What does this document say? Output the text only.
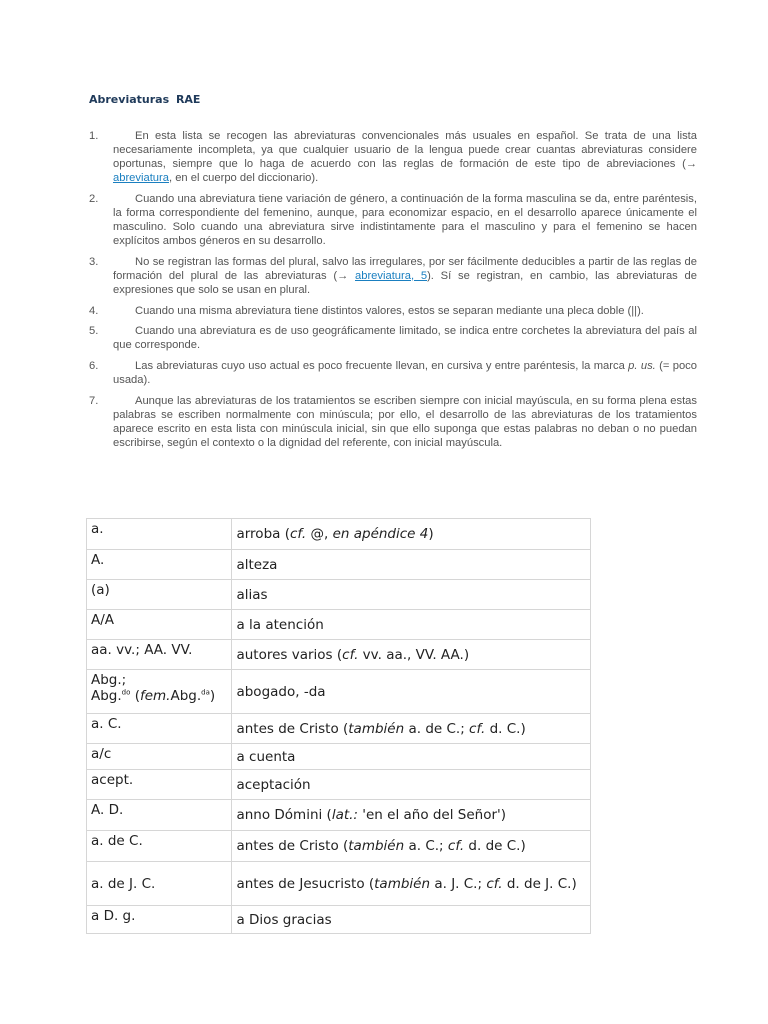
Abreviaturas RAE
1.	En esta lista se recogen las abreviaturas convencionales más usuales en español. Se trata de una lista necesariamente incompleta, ya que cualquier usuario de la lengua puede crear cuantas abreviaturas considere oportunas, siempre que lo haga de acuerdo con las reglas de formación de este tipo de abreviaciones (→ abreviatura, en el cuerpo del diccionario).
2.	Cuando una abreviatura tiene variación de género, a continuación de la forma masculina se da, entre paréntesis, la forma correspondiente del femenino, aunque, para economizar espacio, en el desarrollo aparece únicamente el masculino. Solo cuando una abreviatura sirve indistintamente para el masculino y para el femenino se hacen explícitos ambos géneros en su desarrollo.
3.	No se registran las formas del plural, salvo las irregulares, por ser fácilmente deducibles a partir de las reglas de formación del plural de las abreviaturas (→ abreviatura, 5). Sí se registran, en cambio, las abreviaturas de expresiones que solo se usan en plural.
4.	Cuando una misma abreviatura tiene distintos valores, estos se separan mediante una pleca doble (||).
5.	Cuando una abreviatura es de uso geográficamente limitado, se indica entre corchetes la abreviatura del país al que corresponde.
6.	Las abreviaturas cuyo uso actual es poco frecuente llevan, en cursiva y entre paréntesis, la marca p. us. (= poco usada).
7.	Aunque las abreviaturas de los tratamientos se escriben siempre con inicial mayúscula, en su forma plena estas palabras se escriben normalmente con minúscula; por ello, el desarrollo de las abreviaturas de los tratamientos aparece escrito en esta lista con minúscula inicial, sin que ello suponga que estas palabras no deban o no puedan escribirse, según el contexto o la dignidad del referente, con inicial mayúscula.
a.	arroba (cf. @, en apéndice 4)
A.	alteza
(a)	alias
A/A	a la atención
aa. vv.; AA. VV.	autores varios (cf. vv. aa., VV. AA.)
Abg.;
Abg.$^{do}$ (fem.Abg.$^{da}$)	abogado, -da
a. C.	antes de Cristo (también a. de C.; cf. d. C.)
a/c	a cuenta
acept.	aceptación
A. D.	anno Dómini (lat.: 'en el año del Señor')
a. de C.	antes de Cristo (también a. C.; cf. d. de C.)
a. de J. C.	antes de Jesucristo (también a. J. C.; cf. d. de J. C.)
a D. g.	a Dios gracias
